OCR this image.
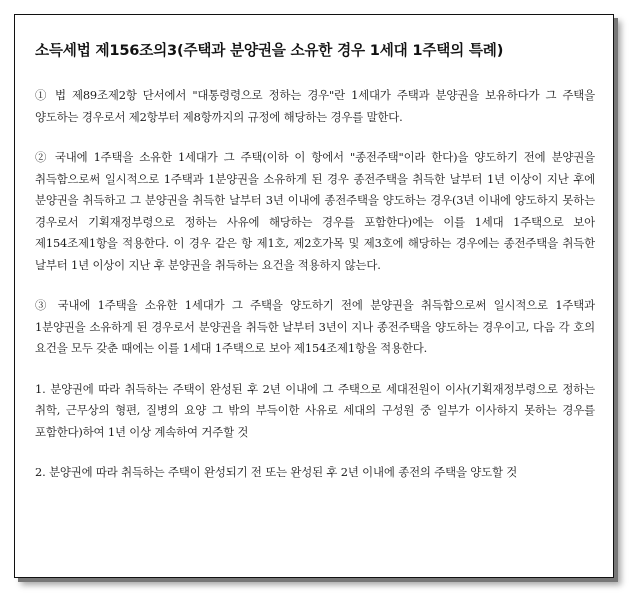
소득세법 제156조의3(주택과 분양권을 소유한 경우 1세대 1주택의 특례)
① 법 제89조제2항 단서에서 "대통령령으로 정하는 경우"란 1세대가 주택과 분양권을 보유하다가 그 주택을 양도하는 경우로서 제2항부터 제8항까지의 규정에 해당하는 경우를 말한다.
② 국내에 1주택을 소유한 1세대가 그 주택(이하 이 항에서 "종전주택"이라 한다)을 양도하기 전에 분양권을 취득함으로써 일시적으로 1주택과 1분양권을 소유하게 된 경우 종전주택을 취득한 날부터 1년 이상이 지난 후에 분양권을 취득하고 그 분양권을 취득한 날부터 3년 이내에 종전주택을 양도하는 경우(3년 이내에 양도하지 못하는 경우로서 기획재정부령으로 정하는 사유에 해당하는 경우를 포함한다)에는 이를 1세대 1주택으로 보아 제154조제1항을 적용한다. 이 경우 같은 항 제1호, 제2호가목 및 제3호에 해당하는 경우에는 종전주택을 취득한 날부터 1년 이상이 지난 후 분양권을 취득하는 요건을 적용하지 않는다.
③ 국내에 1주택을 소유한 1세대가 그 주택을 양도하기 전에 분양권을 취득함으로써 일시적으로 1주택과 1분양권을 소유하게 된 경우로서 분양권을 취득한 날부터 3년이 지나 종전주택을 양도하는 경우이고, 다음 각 호의 요건을 모두 갖춘 때에는 이를 1세대 1주택으로 보아 제154조제1항을 적용한다.
1. 분양권에 따라 취득하는 주택이 완성된 후 2년 이내에 그 주택으로 세대전원이 이사(기획재정부령으로 정하는 취학, 근무상의 형편, 질병의 요양 그 밖의 부득이한 사유로 세대의 구성원 중 일부가 이사하지 못하는 경우를 포함한다)하여 1년 이상 계속하여 거주할 것
2. 분양권에 따라 취득하는 주택이 완성되기 전 또는 완성된 후 2년 이내에 종전의 주택을 양도할 것
